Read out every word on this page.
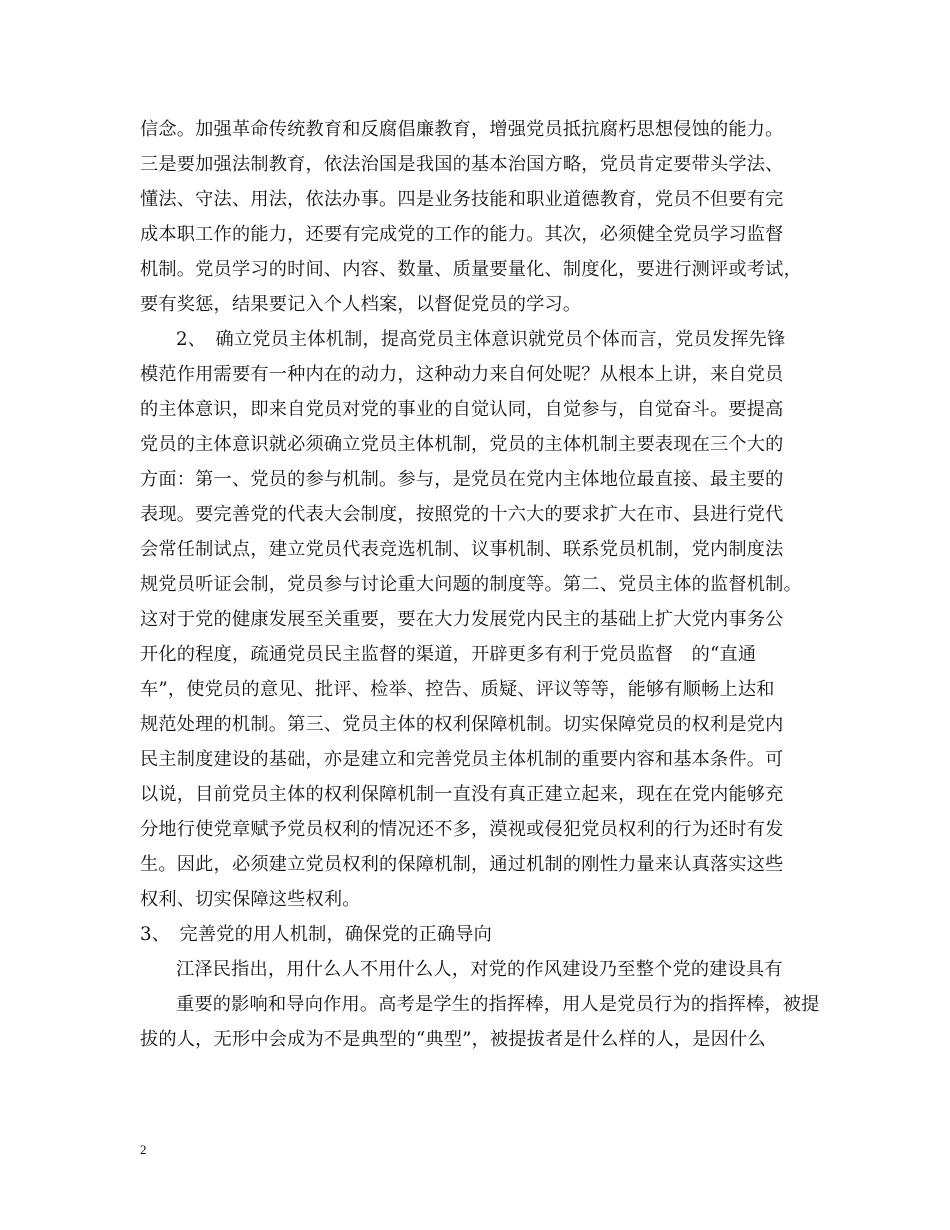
信念。加强革命传统教育和反腐倡廉教育，增强党员抵抗腐朽思想侵蚀的能力。
三是要加强法制教育，依法治国是我国的基本治国方略，党员肯定要带头学法、
懂法、守法、用法，依法办事。四是业务技能和职业道德教育，党员不但要有完
成本职工作的能力，还要有完成党的工作的能力。其次，必须健全党员学习监督
机制。党员学习的时间、内容、数量、质量要量化、制度化，要进行测评或考试，
要有奖惩，结果要记入个人档案，以督促党员的学习。
2、　确立党员主体机制，提高党员主体意识就党员个体而言，党员发挥先锋
模范作用需要有一种内在的动力，这种动力来自何处呢？从根本上讲，来自党员
的主体意识，即来自党员对党的事业的自觉认同，自觉参与，自觉奋斗。要提高
党员的主体意识就必须确立党员主体机制，党员的主体机制主要表现在三个大的
方面：第一、党员的参与机制。参与，是党员在党内主体地位最直接、最主要的
表现。要完善党的代表大会制度，按照党的十六大的要求扩大在市、县进行党代
会常任制试点，建立党员代表竞选机制、议事机制、联系党员机制，党内制度法
规党员听证会制，党员参与讨论重大问题的制度等。第二、党员主体的监督机制。
这对于党的健康发展至关重要，要在大力发展党内民主的基础上扩大党内事务公
开化的程度，疏通党员民主监督的渠道，开辟更多有利于党员监督　的“直通
车”，使党员的意见、批评、检举、控告、质疑、评议等等，能够有顺畅上达和
规范处理的机制。第三、党员主体的权利保障机制。切实保障党员的权利是党内
民主制度建设的基础，亦是建立和完善党员主体机制的重要内容和基本条件。可
以说，目前党员主体的权利保障机制一直没有真正建立起来，现在在党内能够充
分地行使党章赋予党员权利的情况还不多，漠视或侵犯党员权利的行为还时有发
生。因此，必须建立党员权利的保障机制，通过机制的刚性力量来认真落实这些
权利、切实保障这些权利。
3、　完善党的用人机制，确保党的正确导向
江泽民指出，用什么人不用什么人，对党的作风建设乃至整个党的建设具有
重要的影响和导向作用。高考是学生的指挥棒，用人是党员行为的指挥棒，被提
拔的人，无形中会成为不是典型的“典型”，被提拔者是什么样的人，是因什么
2
